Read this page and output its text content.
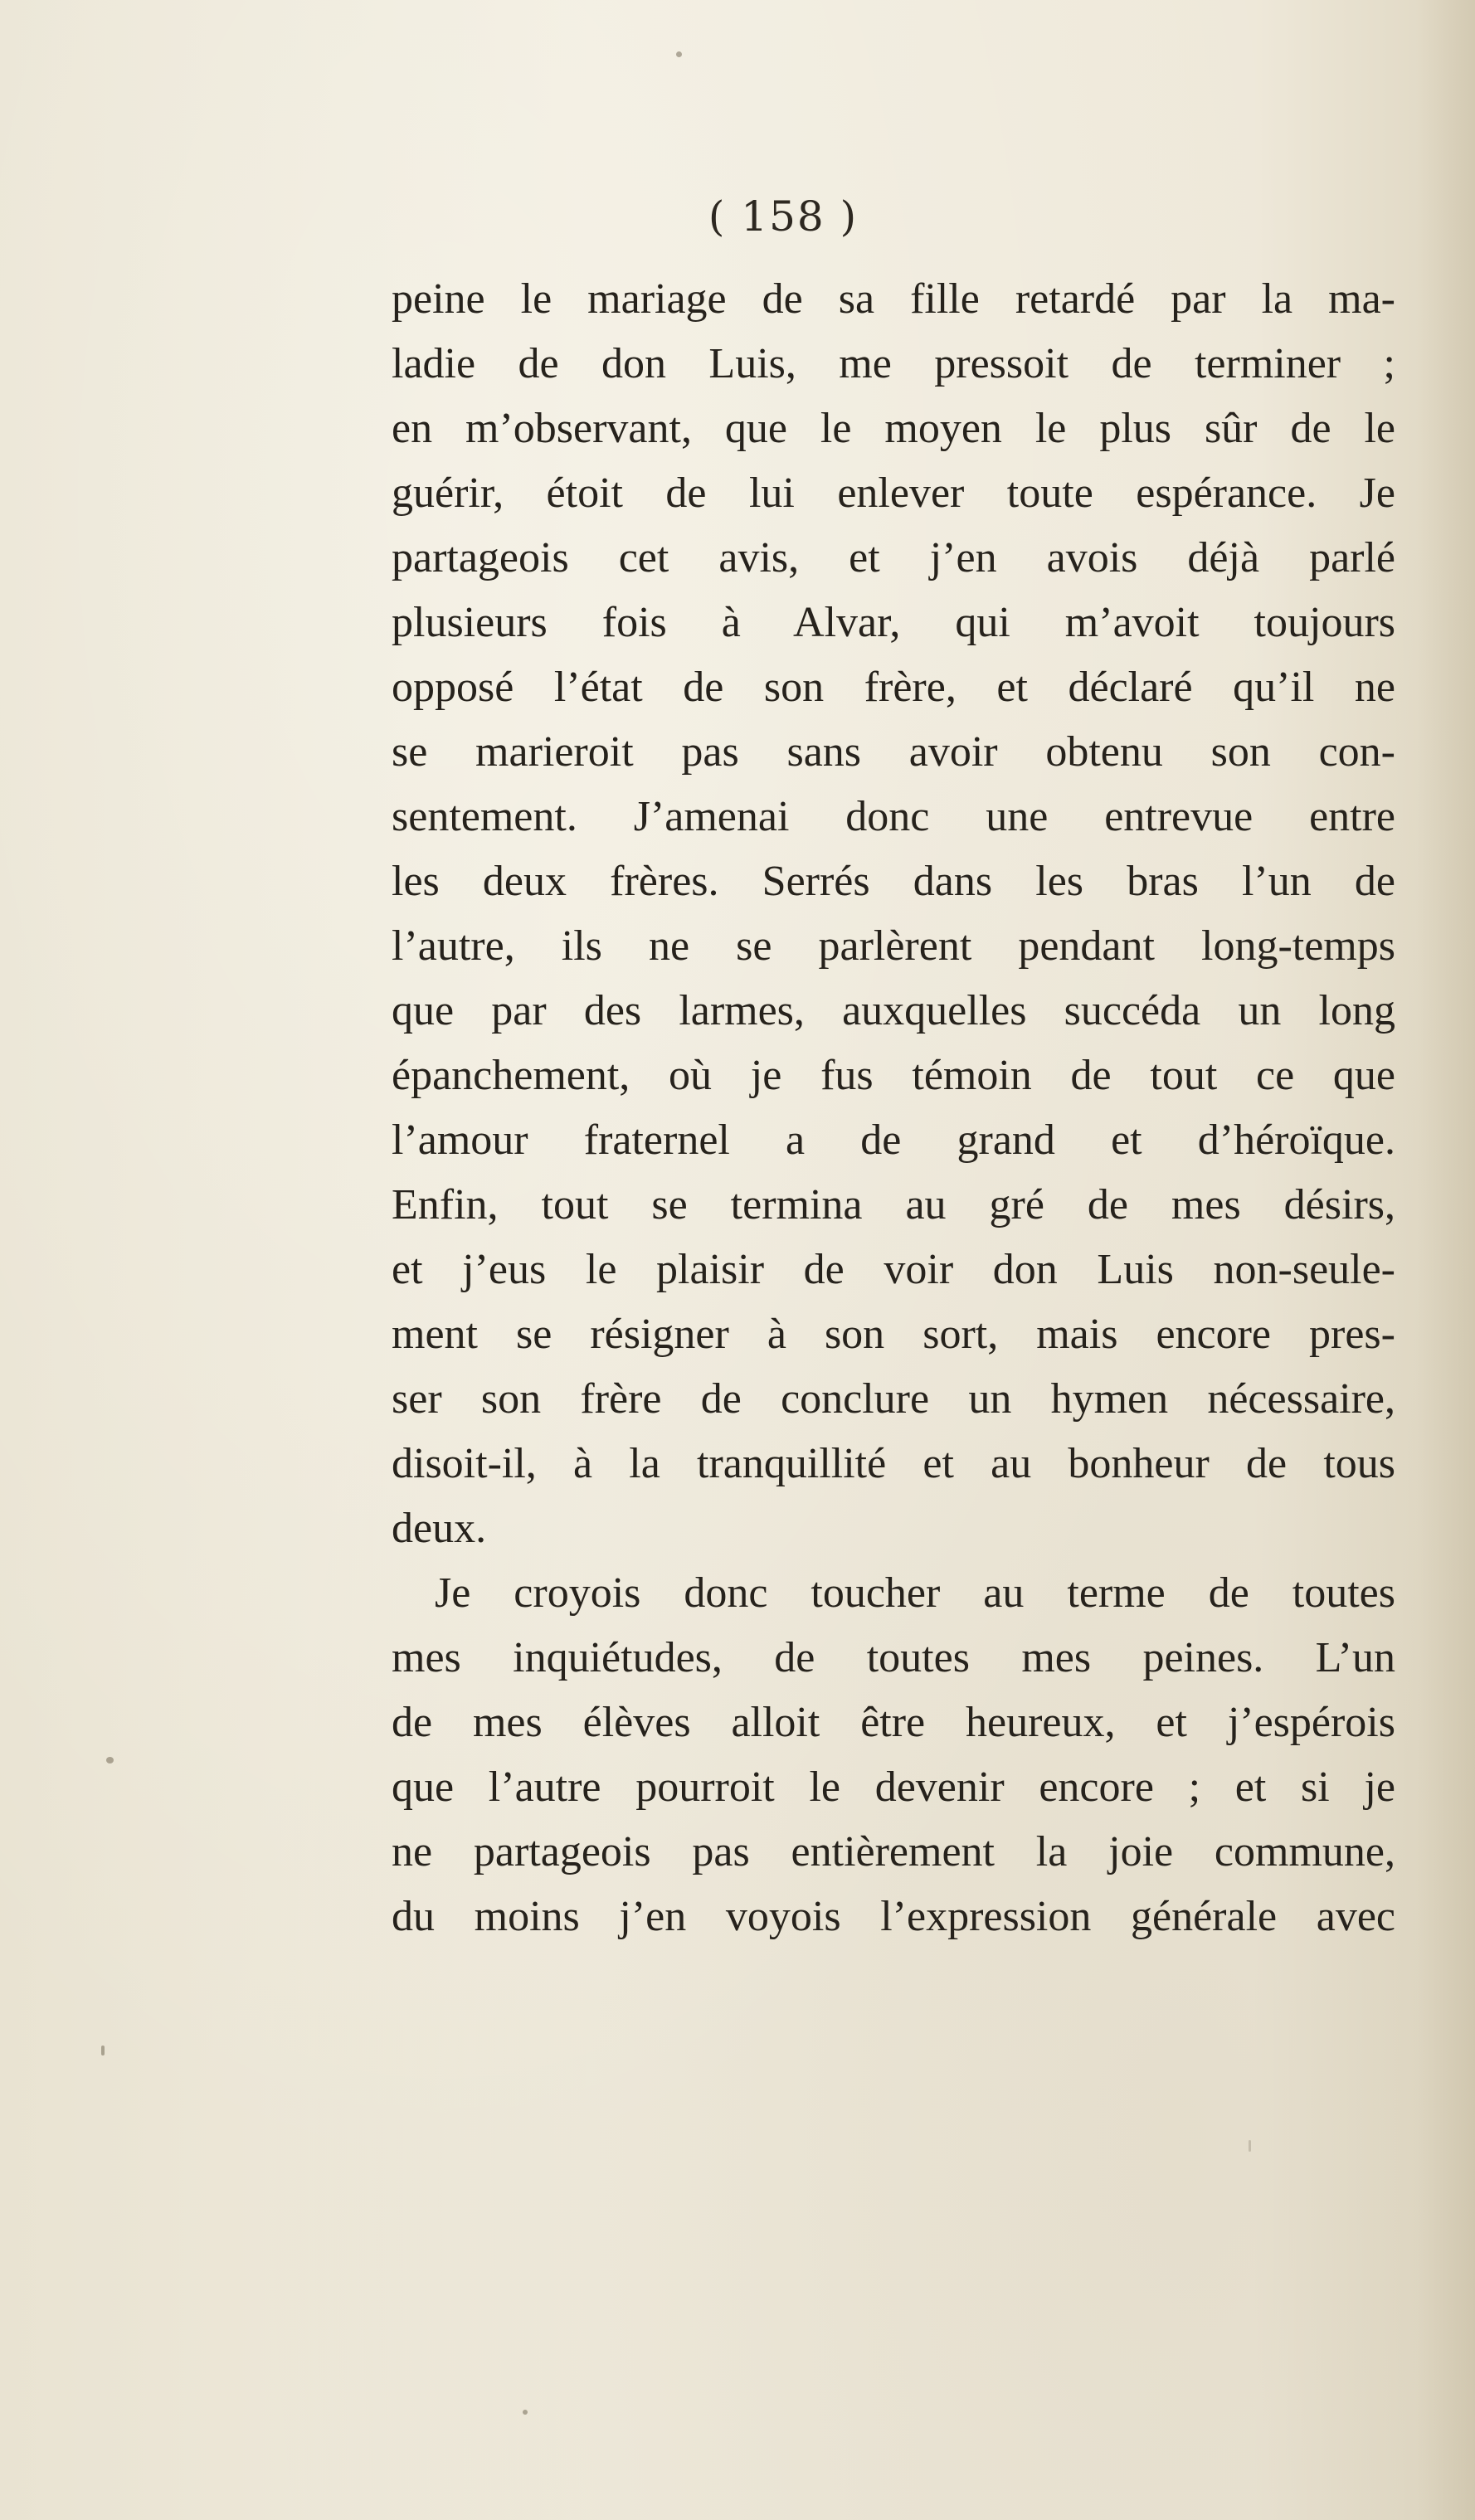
( 158 )
peine le mariage de sa fille retardé par la ma-
ladie de don Luis, me pressoit de terminer ;
en m’observant, que le moyen le plus sûr de le
guérir, étoit de lui enlever toute espérance. Je
partageois cet avis, et j’en avois déjà parlé
plusieurs fois à Alvar, qui m’avoit toujours
opposé l’état de son frère, et déclaré qu’il ne
se marieroit pas sans avoir obtenu son con-
sentement. J’amenai donc une entrevue entre
les deux frères. Serrés dans les bras l’un de
l’autre, ils ne se parlèrent pendant long-temps
que par des larmes, auxquelles succéda un long
épanchement, où je fus témoin de tout ce que
l’amour fraternel a de grand et d’héroïque.
Enfin, tout se termina au gré de mes désirs,
et j’eus le plaisir de voir don Luis non-seule-
ment se résigner à son sort, mais encore pres-
ser son frère de conclure un hymen nécessaire,
disoit-il, à la tranquillité et au bonheur de tous
deux.
Je croyois donc toucher au terme de toutes
mes inquiétudes, de toutes mes peines. L’un
de mes élèves alloit être heureux, et j’espérois
que l’autre pourroit le devenir encore ; et si je
ne partageois pas entièrement la joie commune,
du moins j’en voyois l’expression générale avec
